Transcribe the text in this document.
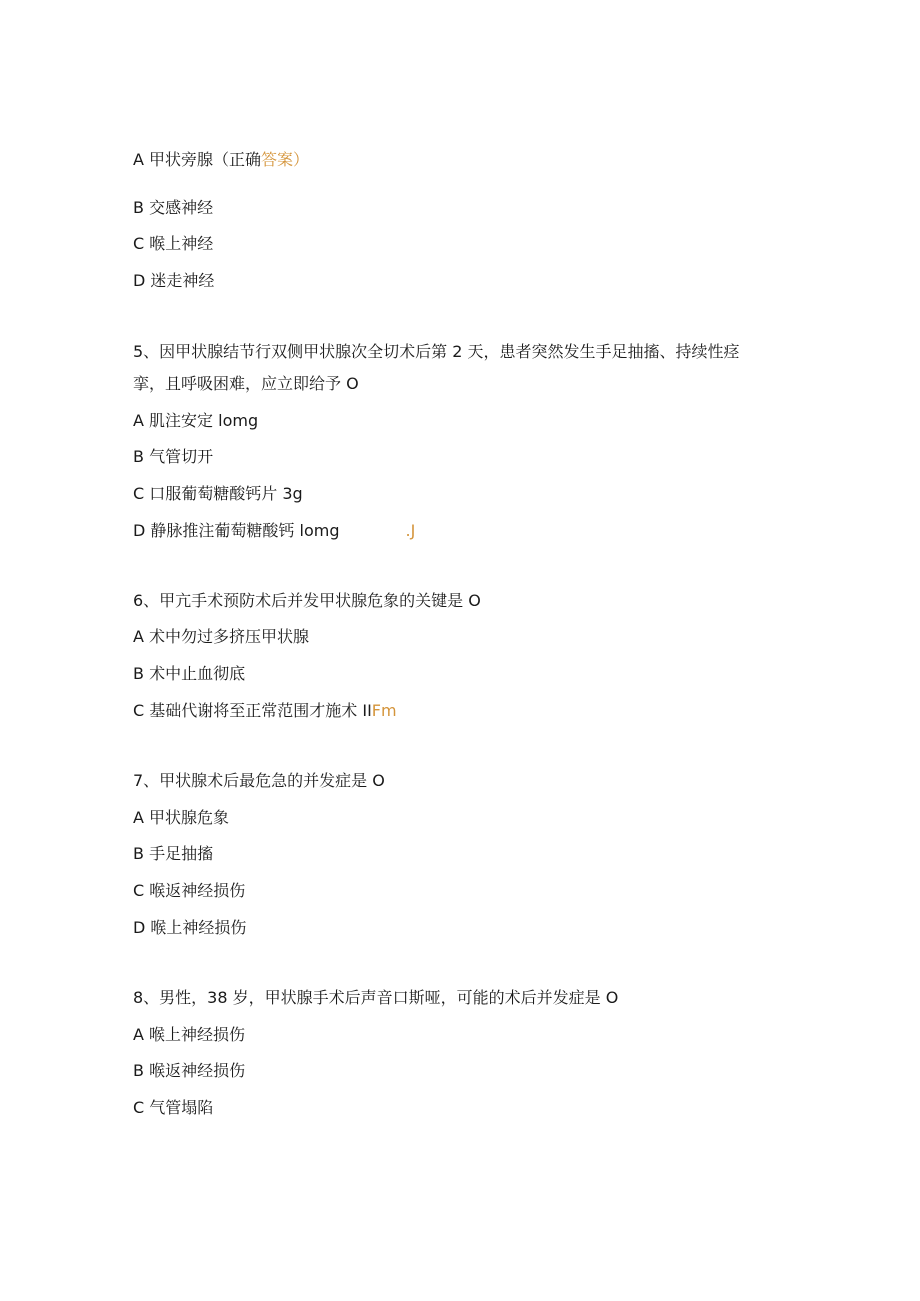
A 甲状旁腺（正确答案）
B 交感神经
C 喉上神经
D 迷走神经
5、因甲状腺结节行双侧甲状腺次全切术后第 2 天，患者突然发生手足抽搐、持续性痉
挛，且呼吸困难，应立即给予 O
A 肌注安定 lomg
B 气管切开
C 口服葡萄糖酸钙片 3g
D 静脉推注葡萄糖酸钙 lomg	.J
6、甲亢手术预防术后并发甲状腺危象的关键是 O
A 术中勿过多挤压甲状腺
B 术中止血彻底
C 基础代谢将至正常范围才施术 IIFm
7、甲状腺术后最危急的并发症是 O
A 甲状腺危象
B 手足抽搐
C 喉返神经损伤
D 喉上神经损伤
8、男性，38 岁，甲状腺手术后声音口斯哑，可能的术后并发症是 O
A 喉上神经损伤
B 喉返神经损伤
C 气管塌陷
